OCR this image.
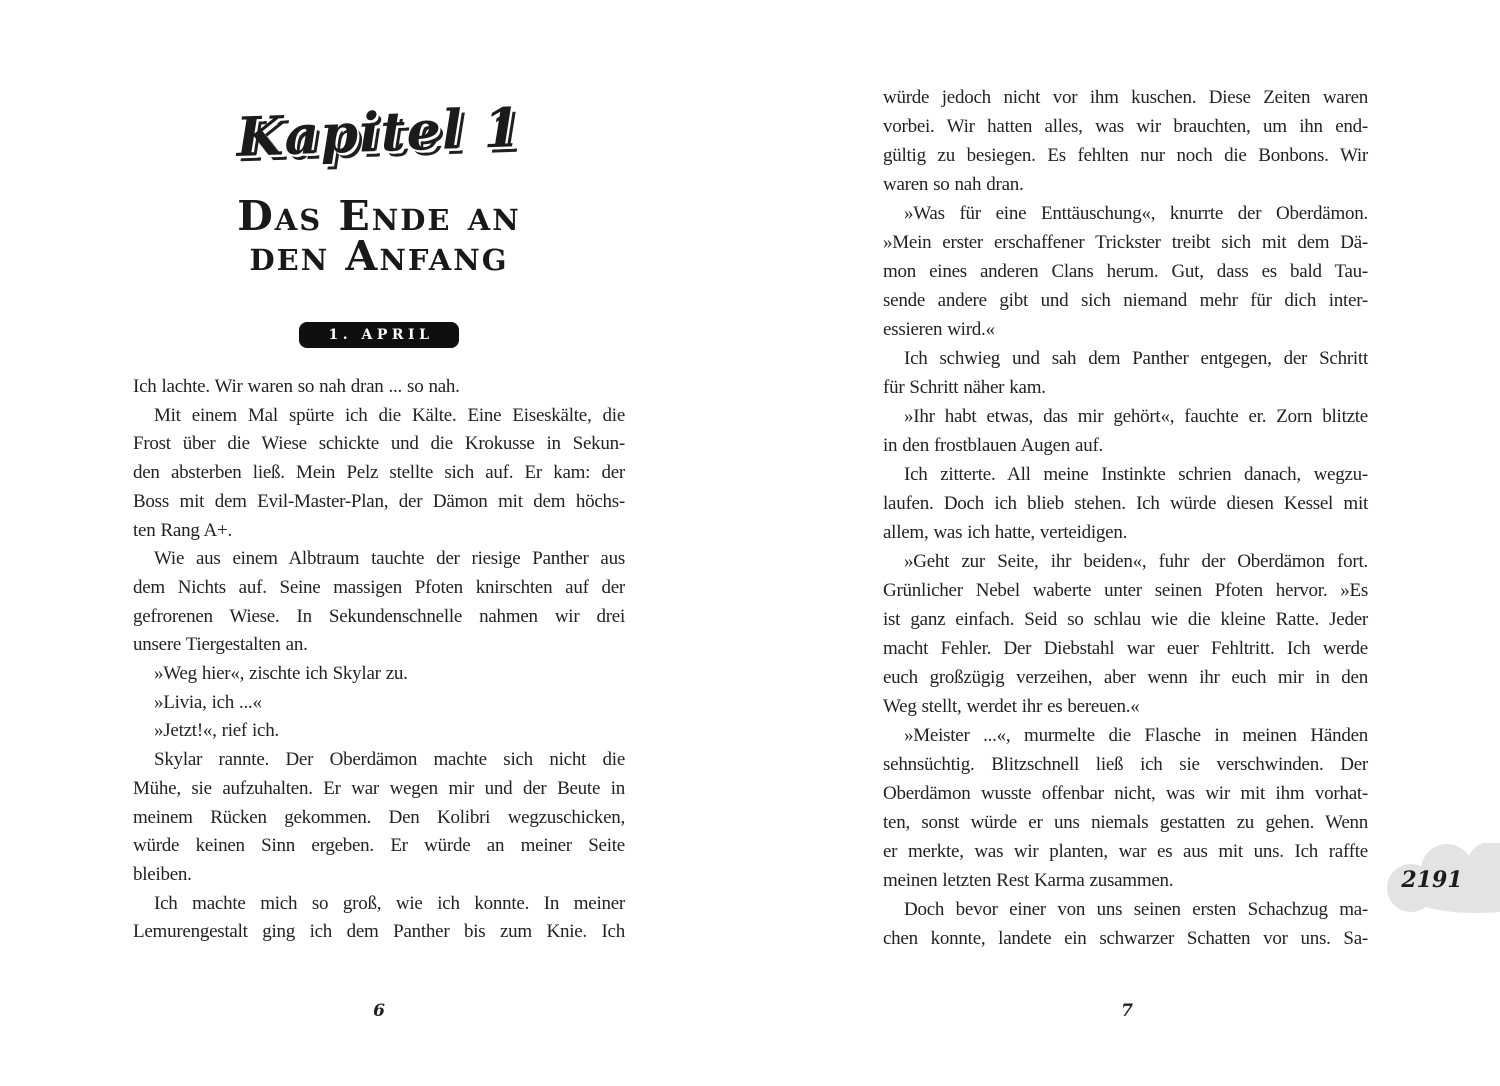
Kapitel 1
Das Ende an
den Anfang
1. APRIL
Ich lachte. Wir waren so nah dran ... so nah.
Mit einem Mal spürte ich die Kälte. Eine Eiseskälte, die
Frost über die Wiese schickte und die Krokusse in Sekun-
den absterben ließ. Mein Pelz stellte sich auf. Er kam: der
Boss mit dem Evil-Master-Plan, der Dämon mit dem höchs-
ten Rang A+.
Wie aus einem Albtraum tauchte der riesige Panther aus
dem Nichts auf. Seine massigen Pfoten knirschten auf der
gefrorenen Wiese. In Sekundenschnelle nahmen wir drei
unsere Tiergestalten an.
»Weg hier«, zischte ich Skylar zu.
»Livia, ich ...«
»Jetzt!«, rief ich.
Skylar rannte. Der Oberdämon machte sich nicht die
Mühe, sie aufzuhalten. Er war wegen mir und der Beute in
meinem Rücken gekommen. Den Kolibri wegzuschicken,
würde keinen Sinn ergeben. Er würde an meiner Seite
bleiben.
Ich machte mich so groß, wie ich konnte. In meiner
Lemurengestalt ging ich dem Panther bis zum Knie. Ich
6
würde jedoch nicht vor ihm kuschen. Diese Zeiten waren
vorbei. Wir hatten alles, was wir brauchten, um ihn end-
gültig zu besiegen. Es fehlten nur noch die Bonbons. Wir
waren so nah dran.
»Was für eine Enttäuschung«, knurrte der Oberdämon.
»Mein erster erschaffener Trickster treibt sich mit dem Dä-
mon eines anderen Clans herum. Gut, dass es bald Tau-
sende andere gibt und sich niemand mehr für dich inter-
essieren wird.«
Ich schwieg und sah dem Panther entgegen, der Schritt
für Schritt näher kam.
»Ihr habt etwas, das mir gehört«, fauchte er. Zorn blitzte
in den frostblauen Augen auf.
Ich zitterte. All meine Instinkte schrien danach, wegzu-
laufen. Doch ich blieb stehen. Ich würde diesen Kessel mit
allem, was ich hatte, verteidigen.
»Geht zur Seite, ihr beiden«, fuhr der Oberdämon fort.
Grünlicher Nebel waberte unter seinen Pfoten hervor. »Es
ist ganz einfach. Seid so schlau wie die kleine Ratte. Jeder
macht Fehler. Der Diebstahl war euer Fehltritt. Ich werde
euch großzügig verzeihen, aber wenn ihr euch mir in den
Weg stellt, werdet ihr es bereuen.«
»Meister ...«, murmelte die Flasche in meinen Händen
sehnsüchtig. Blitzschnell ließ ich sie verschwinden. Der
Oberdämon wusste offenbar nicht, was wir mit ihm vorhat-
ten, sonst würde er uns niemals gestatten zu gehen. Wenn
er merkte, was wir planten, war es aus mit uns. Ich raffte
meinen letzten Rest Karma zusammen.
Doch bevor einer von uns seinen ersten Schachzug ma-
chen konnte, landete ein schwarzer Schatten vor uns. Sa-
2191
7
